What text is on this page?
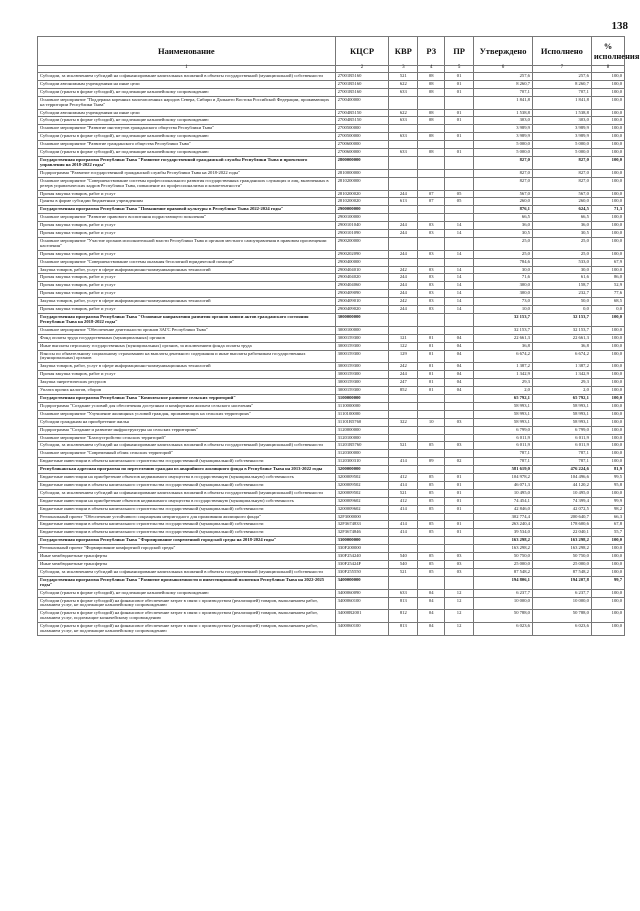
138
Наименование	КЦСР	КВР	РЗ	ПР	Утверждено	Исполнено	% исполнения
1	2	3	4	5	6	7	8
Субсидии, за исключением субсидий на софинансирование капитальных вложений в объекты государственной (муниципальной) собственности	27001R5160	521	08	01	257,6	257,6	100,0
Субсидии автономным учреждениям на иные цели	27001R5160	622	08	01	8 260,7	8 260,7	100,0
Субсидии (гранты в форме субсидий), не подлежащие казначейскому сопровождению	27001R5160	633	08	01	707,1	707,1	100,0
Основное мероприятие "Поддержка коренных малочисленных народов Севера, Сибири и Дальнего Востока Российской Федерации, проживающих на территории Республики Тыва"	2700400000				1 841,8	1 841,8	100,0
Субсидии автономным учреждениям на иные цели	27004R5150	622	08	01	1 538,8	1 538,8	100,0
Субсидии (гранты в форме субсидий), не подлежащие казначейскому сопровождению	27004R5150	633	08	01	303,0	303,0	100,0
Основное мероприятие "Развитие институтов гражданского общества Республики Тыва"	2700500000				3 989,9	3 989,9	100,0
Субсидии (гранты в форме субсидий), не подлежащие казначейскому сопровождению	2700500000	633	08	01	3 989,9	3 989,9	100,0
Основное мероприятие "Развитие гражданского общества Республики Тыва"	2700600000				5 000,0	5 000,0	100,0
Субсидии (гранты в форме субсидий), не подлежащие казначейскому сопровождению	2700600000	633	08	01	5 000,0	5 000,0	100,0
Государственная программа Республики Тыва "Развитие государственной гражданской службы Республики Тыва и проектного управления на 2018-2022 годы"	2800000000				827,0	827,0	100,0
Подпрограмма "Развитие государственной гражданской службы Республики Тыва на 2018-2022 годы"	2810000000				827,0	827,0	100,0
Основное мероприятие "Совершенствование системы профессионального развития государственных гражданских служащих и лиц, включенных в резерв управленческих кадров Республики Тыва, повышение их профессионализма и компетентности"	2810200000				827,0	827,0	100,0
Прочая закупка товаров, работ и услуг	2810200020	244	07	05	567,0	567,0	100,0
Гранты в форме субсидии бюджетным учреждениям	2810200020	613	07	05	260,0	260,0	100,0
Государственная программа Республики Тыва "Повышение правовой культуры в Республике Тыва 2022-2024 годы"	2900000000				876,1	624,5	71,3
Основное мероприятие "Развитие правового воспитания подрастающего поколения"	2900100000				66,5	66,5	100,0
Прочая закупка товаров, работ и услуг	2900101040	244	03	14	36,0	36,0	100,0
Прочая закупка товаров, работ и услуг	2900101090	244	03	14	30,5	30,5	100,0
Основное мероприятие "Участие органов исполнительной власти Республики Тыва и органов местного самоуправления в правовом просвещении населения"	2900200000				25,0	25,0	100,0
Прочая закупка товаров, работ и услуг	2900202090	244	03	14	25,0	25,0	100,0
Основное мероприятие "Совершенствование системы оказания бесплатной юридической помощи"	2900400000				784,6	533,0	67,9
Закупка товаров, работ, услуг в сфере информационно-коммуникационных технологий	2900404010	242	03	14	30,0	30,0	100,0
Прочая закупка товаров, работ и услуг	2900404020	244	03	14	71,6	61,6	86,0
Прочая закупка товаров, работ и услуг	2900404060	244	03	14	300,0	158,7	52,9
Прочая закупка товаров, работ и услуг	2900409090	244	03	14	300,0	232,7	77,6
Закупка товаров, работ, услуг в сфере информационно-коммуникационных технологий	2900409010	242	03	14	73,0	50,0	68,5
Прочая закупка товаров, работ и услуг	2900409020	244	03	14	10,0	0,0	0,0
Государственная программа Республики Тыва "Основные направления развития органов записи актов гражданского состояния Республики Тыва на 2018-2022 годы"	3000000000				32 153,7	32 153,7	100,0
Основное мероприятие "Обеспечение деятельности органов ЗАГС Республики Тыва"	3000100000				32 153,7	32 153,7	100,0
Фонд оплаты труда государственных (муниципальных) органов	3000159300	121	01	04	22 661,3	22 661,3	100,0
Иные выплаты персоналу государственных (муниципальных) органов, за исключением фонда оплаты труда	3000159300	122	01	04	36,8	36,8	100,0
Взносы по обязательному социальному страхованию на выплаты денежного содержания и иные выплаты работникам государственных (муниципальных) органов	3000159300	129	01	04	6 674,2	6 674,2	100,0
Закупка товаров, работ, услуг в сфере информационно-коммуникационных технологий	3000159300	242	01	04	1 387,2	1 387,2	100,0
Прочая закупка товаров, работ и услуг	3000159300	244	01	04	1 342,9	1 342,9	100,0
Закупка энергетических ресурсов	3000159300	247	01	04	29,3	29,3	100,0
Уплата прочих налогов, сборов	3000159300	852	01	04	2,0	2,0	100,0
Государственная программа Республики Тыва "Комплексное развитие сельских территорий"	3100000000				65 792,1	65 792,1	100,0
Подпрограмма "Создание условий для обеспечения доступным и комфортным жильем сельского населения"	3110000000				58 993,1	58 993,1	100,0
Основное мероприятие "Улучшение жилищных условий граждан, проживающих на сельских территориях"	3110100000				58 993,1	58 993,1	100,0
Субсидии гражданам на приобретение жилья	31101R5760	322	10	03	58 993,1	58 993,1	100,0
Подпрограмма "Создание и развитие инфраструктуры на сельских территориях"	3120000000				6 799,0	6 799,0	100,0
Основное мероприятие "Благоустройство сельских территорий"	3120100000				6 011,9	6 011,9	100,0
Субсидии, за исключением субсидий на софинансирование капитальных вложений в объекты государственной (муниципальной) собственности	31201R5760	521	05	03	6 011,9	6 011,9	100,0
Основное мероприятие "Современный облик сельских территорий"	3120300000				787,1	787,1	100,0
Бюджетные инвестиции в объекты капитального строительства государственной (муниципальной) собственности	3120300310	414	09	02	787,1	787,1	100,0
Республиканская адресная программа по переселению граждан из аварийного жилищного фонда в Республике Тыва на 2013-2022 годы	3200000000				581 619,0	476 224,6	81,9
Бюджетные инвестиции на приобретение объектов недвижимого имущества в государственную (муниципальную) собственность	3200009502	412	05	01	104 978,2	104 496,6	99,5
Бюджетные инвестиции в объекты капитального строительства государственной (муниципальной) собственности	3200009502	414	05	01	46 071,3	44 120,2	95,8
Субсидии, за исключением субсидий на софинансирование капитальных вложений в объекты государственной (муниципальной) собственности	3200009502	521	05	01	10 495,0	10 495,0	100,0
Бюджетные инвестиции на приобретение объектов недвижимого имущества в государственную (муниципальную) собственность	3200009602	412	05	01	74 454,1	74 399,4	99,9
Бюджетные инвестиции в объекты капитального строительства государственной (муниципальной) собственности	3200009602	414	05	01	42 846,0	42 072,5	98,2
Региональный проект "Обеспечение устойчивого сокращения непригодного для проживания жилищного фонда"	32F3000000				302 774,4	200 640,7	66,3
Бюджетные инвестиции в объекты капитального строительства государственной (муниципальной) собственности	32F3674833	414	05	01	263 240,4	178 600,6	67,8
Бюджетные инвестиции в объекты капитального строительства государственной (муниципальной) собственности	32F3674846	414	05	01	39 534,0	22 040,1	55,7
Государственная программа Республики Тыва "Формирование современной городской среды на 2018-2024 годы"	3300000000				163 298,2	163 298,2	100,0
Региональный проект "Формирование комфортной городской среды"	330F200000				163 298,2	163 298,2	100,0
Иные межбюджетные трансферты	330F254240	540	05	03	50 750,0	50 750,0	100,0
Иные межбюджетные трансферты	330F25424F	540	05	03	25 000,0	25 000,0	100,0
Субсидии, за исключением субсидий на софинансирование капитальных вложений в объекты государственной (муниципальной) собственности	330F255550	521	05	03	87 548,2	87 548,2	100,0
Государственная программа Республики Тыва "Развитие промышленности и инвестиционной политики Республики Тыва на 2022-2025 годы"	3400000000				194 806,1	194 207,8	99,7
Субсидии (гранты в форме субсидий), не подлежащие казначейскому сопровождению	3400060090	633	04	12	6 237,7	6 237,7	100,0
Субсидии (гранты в форме субсидий) на финансовое обеспечение затрат в связи с производством (реализацией) товаров, выполнением работ, оказанием услуг, не подлежащие казначейскому сопровождению	3400060100	813	04	12	10 000,0	10 000,0	100,0
Субсидии (гранты в форме субсидий) на финансовое обеспечение затрат в связи с производством (реализацией) товаров, выполнением работ, оказанием услуг, подлежащие казначейскому сопровождению	34000R2001	812	04	12	50 788,0	50 788,0	100,0
Субсидии (гранты в форме субсидий) на финансовое обеспечение затрат в связи с производством (реализацией) товаров, выполнением работ, оказанием услуг, не подлежащие казначейскому сопровождению	3400060100	813	04	12	6 023,6	6 023,6	100,0
